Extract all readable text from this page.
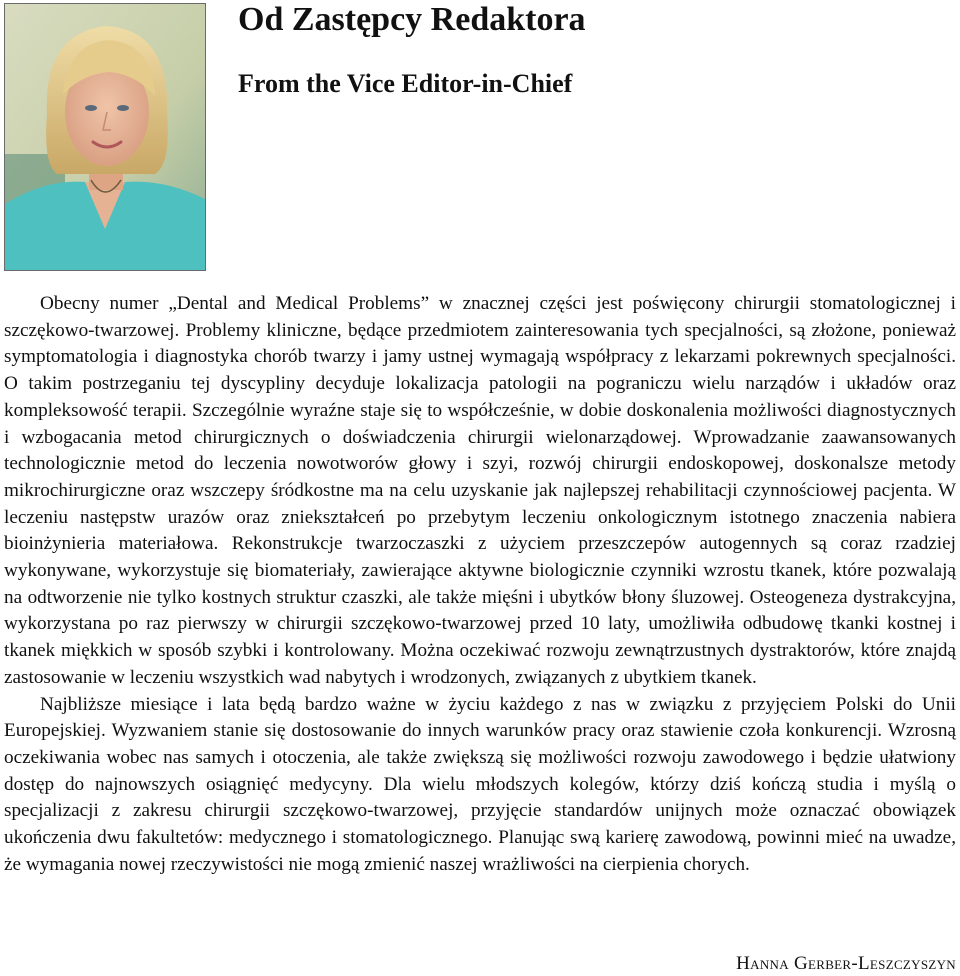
Od Zastępcy Redaktora
From the Vice Editor-in-Chief

Obecny numer „Dental and Medical Problems” w znacznej części jest poświęcony chirurgii stomatologicznej i szczękowo-twarzowej. Problemy kliniczne, będące przedmiotem zainteresowania tych specjalności, są złożone, ponieważ symptomatologia i diagnostyka chorób twarzy i jamy ustnej wymagają współpracy z lekarzami pokrewnych specjalności. O takim postrzeganiu tej dyscypliny decyduje lokalizacja patologii na pograniczu wielu narządów i układów oraz kompleksowość terapii. Szczególnie wyraźne staje się to współcześnie, w dobie doskonalenia możliwości diagnostycznych i wzbogacania metod chirurgicznych o doświadczenia chirurgii wielonarządowej. Wprowadzanie zaawansowanych technologicznie metod do leczenia nowotworów głowy i szyi, rozwój chirurgii endoskopowej, doskonalsze metody mikrochirurgiczne oraz wszczepy śródkostne ma na celu uzyskanie jak najlepszej rehabilitacji czynnościowej pacjenta. W leczeniu następstw urazów oraz zniekształceń po przebytym leczeniu onkologicznym istotnego znaczenia nabiera bioinżynieria materiałowa. Rekonstrukcje twarzoczaszki z użyciem przeszczepów autogennych są coraz rzadziej wykonywane, wykorzystuje się biomateriały, zawierające aktywne biologicznie czynniki wzrostu tkanek, które pozwalają na odtworzenie nie tylko kostnych struktur czaszki, ale także mięśni i ubytków błony śluzowej. Osteogeneza dystrakcyjna, wykorzystana po raz pierwszy w chirurgii szczękowo-twarzowej przed 10 laty, umożliwiła odbudowę tkanki kostnej i tkanek miękkich w sposób szybki i kontrolowany. Można oczekiwać rozwoju zewnątrzustnych dystraktorów, które znajdą zastosowanie w leczeniu wszystkich wad nabytych i wrodzonych, związanych z ubytkiem tkanek.

Najbliższe miesiące i lata będą bardzo ważne w życiu każdego z nas w związku z przyjęciem Polski do Unii Europejskiej. Wyzwaniem stanie się dostosowanie do innych warunków pracy oraz stawienie czoła konkurencji. Wzrosną oczekiwania wobec nas samych i otoczenia, ale także zwiększą się możliwości rozwoju zawodowego i będzie ułatwiony dostęp do najnowszych osiągnięć medycyny. Dla wielu młodszych kolegów, którzy dziś kończą studia i myślą o specjalizacji z zakresu chirurgii szczękowo-twarzowej, przyjęcie standardów unijnych może oznaczać obowiązek ukończenia dwu fakultetów: medycznego i stomatologicznego. Planując swą karierę zawodową, powinni mieć na uwadze, że wymagania nowej rzeczywistości nie mogą zmienić naszej wrażliwości na cierpienia chorych.

Hanna Gerber-Leszczyszyn
